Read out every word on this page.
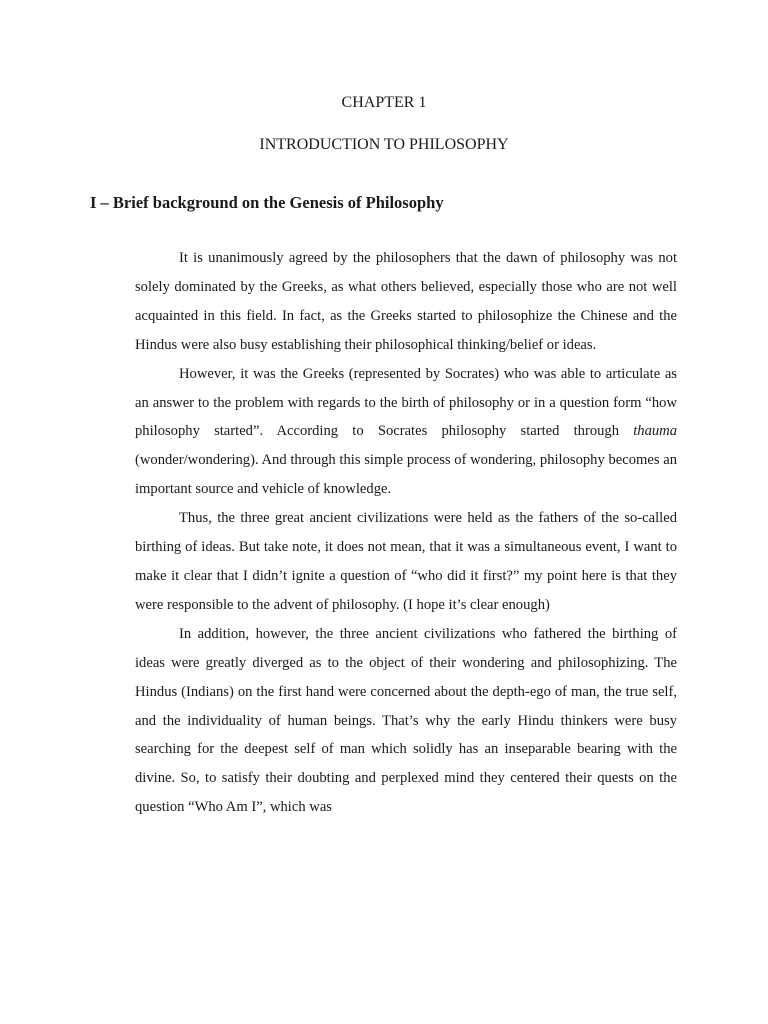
CHAPTER 1
INTRODUCTION TO PHILOSOPHY
I – Brief background on the Genesis of Philosophy

It is unanimously agreed by the philosophers that the dawn of philosophy was not solely dominated by the Greeks, as what others believed, especially those who are not well acquainted in this field. In fact, as the Greeks started to philosophize the Chinese and the Hindus were also busy establishing their philosophical thinking/belief or ideas.

However, it was the Greeks (represented by Socrates) who was able to articulate as an answer to the problem with regards to the birth of philosophy or in a question form “how philosophy started”. According to Socrates philosophy started through thauma (wonder/wondering). And through this simple process of wondering, philosophy becomes an important source and vehicle of knowledge.

Thus, the three great ancient civilizations were held as the fathers of the so-called birthing of ideas. But take note, it does not mean, that it was a simultaneous event, I want to make it clear that I didn’t ignite a question of “who did it first?” my point here is that they were responsible to the advent of philosophy. (I hope it’s clear enough)

In addition, however, the three ancient civilizations who fathered the birthing of ideas were greatly diverged as to the object of their wondering and philosophizing. The Hindus (Indians) on the first hand were concerned about the depth-ego of man, the true self, and the individuality of human beings. That’s why the early Hindu thinkers were busy searching for the deepest self of man which solidly has an inseparable bearing with the divine. So, to satisfy their doubting and perplexed mind they centered their quests on the question “Who Am I”, which was
